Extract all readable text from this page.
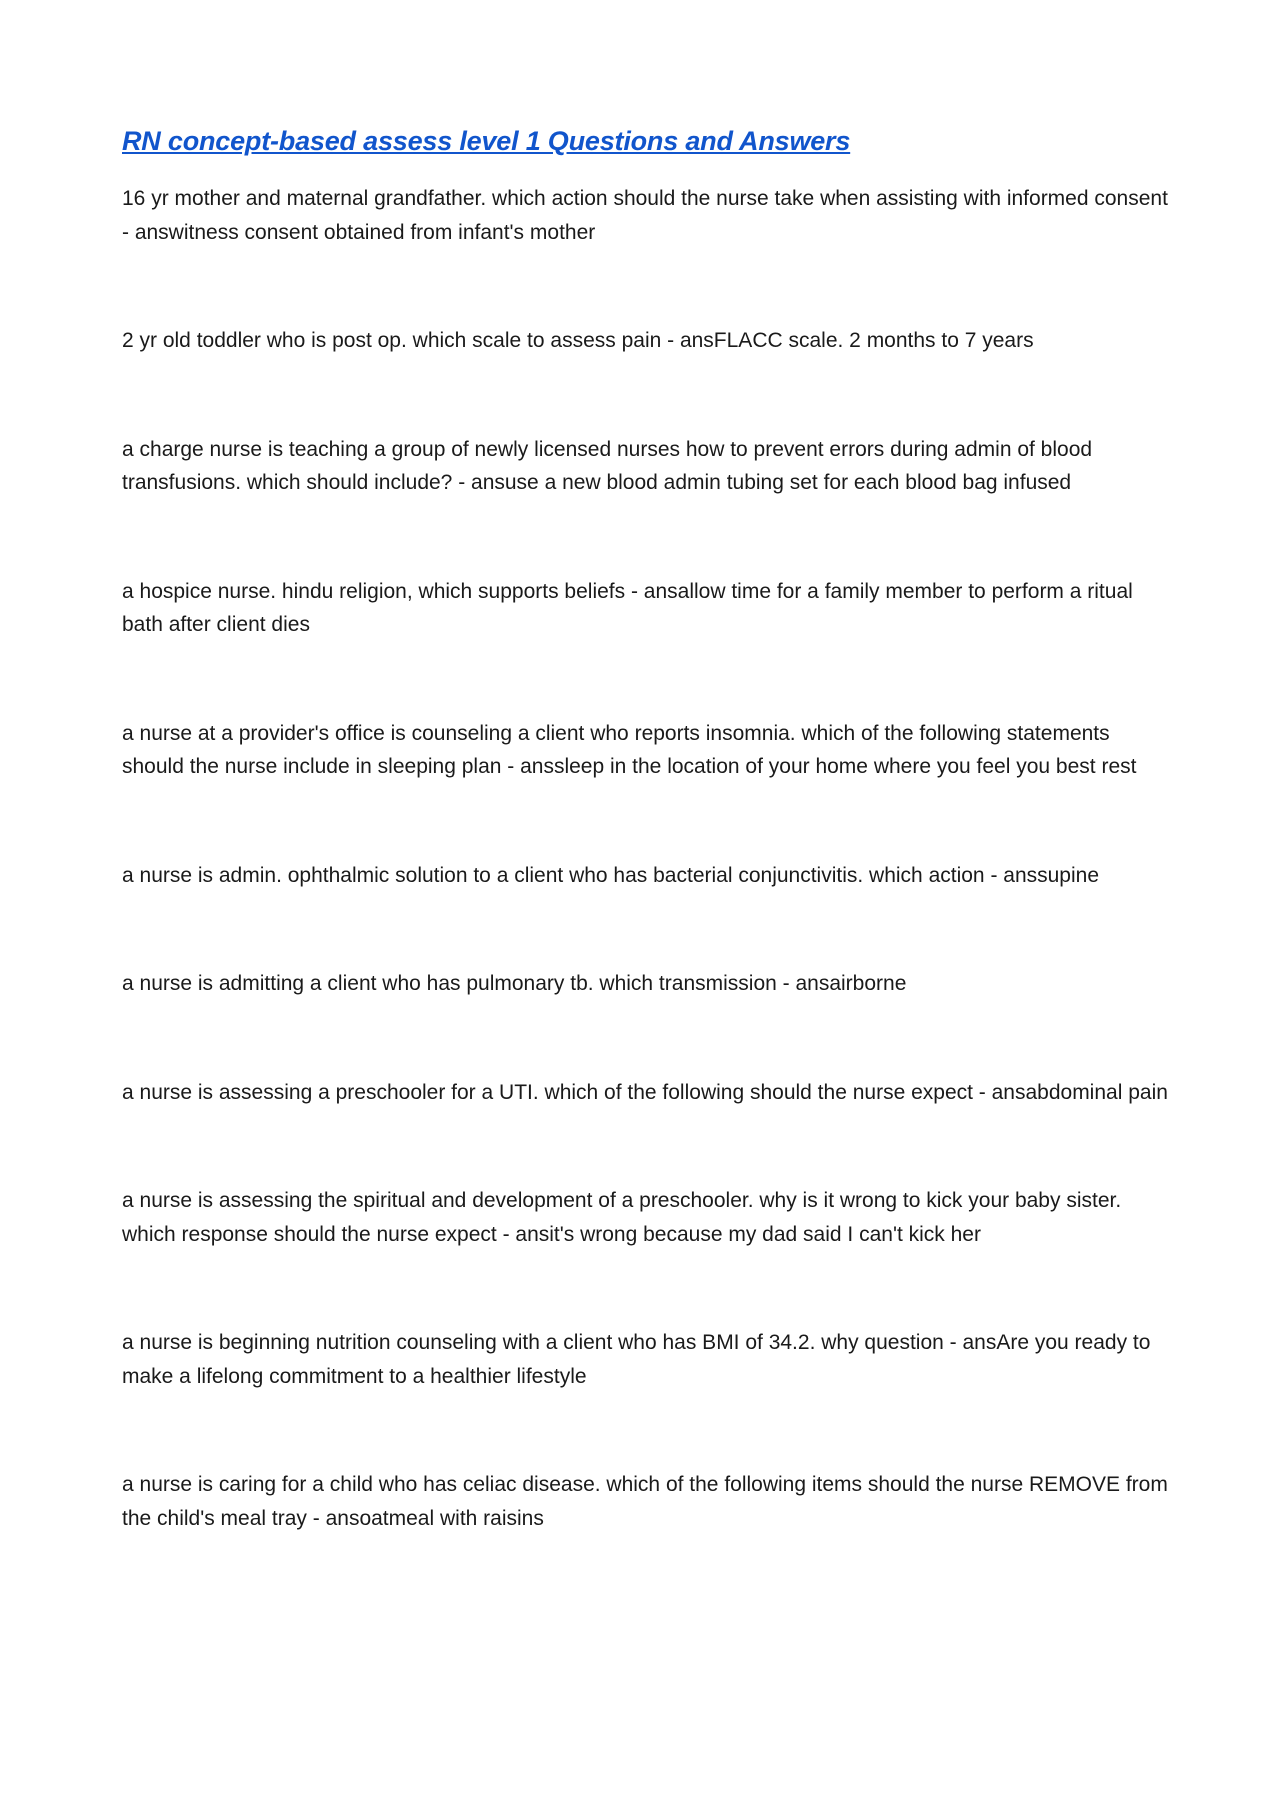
RN concept-based assess level 1 Questions and Answers
16 yr mother and maternal grandfather. which action should the nurse take when assisting with informed consent - answitness consent obtained from infant's mother
2 yr old toddler who is post op. which scale to assess pain - ansFLACC scale. 2 months to 7 years
a charge nurse is teaching a group of newly licensed nurses how to prevent errors during admin of blood transfusions. which should include? - ansuse a new blood admin tubing set for each blood bag infused
a hospice nurse. hindu religion, which supports beliefs - ansallow time for a family member to perform a ritual bath after client dies
a nurse at a provider's office is counseling a client who reports insomnia. which of the following statements should the nurse include in sleeping plan - anssleep in the location of your home where you feel you best rest
a nurse is admin. ophthalmic solution to a client who has bacterial conjunctivitis. which action - anssupine
a nurse is admitting a client who has pulmonary tb. which transmission - ansairborne
a nurse is assessing a preschooler for a UTI. which of the following should the nurse expect - ansabdominal pain
a nurse is assessing the spiritual and development of a preschooler. why is it wrong to kick your baby sister. which response should the nurse expect - ansit's wrong because my dad said I can't kick her
a nurse is beginning nutrition counseling with a client who has BMI of 34.2. why question - ansAre you ready to make a lifelong commitment to a healthier lifestyle
a nurse is caring for a child who has celiac disease. which of the following items should the nurse REMOVE from the child's meal tray - ansoatmeal with raisins
